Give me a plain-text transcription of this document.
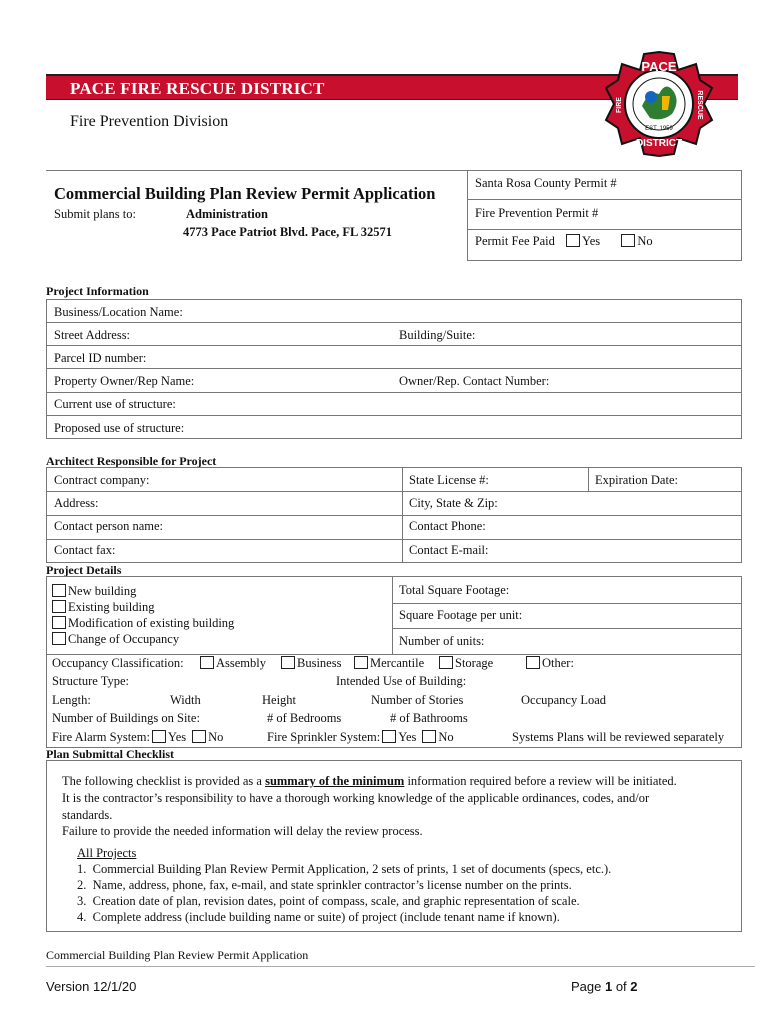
PACE FIRE RESCUE DISTRICT
Fire Prevention Division
PACE
DISTRICT
EST. 1959
FIRE	RESCUE
Commercial Building Plan Review Permit Application
Submit plans to:	Administration
4773 Pace Patriot Blvd. Pace, FL 32571
Santa Rosa County Permit #
Fire Prevention Permit #
Permit Fee Paid Yes	No
Project Information
Business/Location Name:
Street Address:	Building/Suite:
Parcel ID number:
Property Owner/Rep Name:	Owner/Rep. Contact Number:
Current use of structure:
Proposed use of structure:
Architect Responsible for Project
Contract company:	State License #:	Expiration Date:
Address:	City, State & Zip:
Contact person name:	Contact Phone:
Contact fax:	Contact E-mail:
Project Details
New building
Existing building
Modification of existing building
Change of Occupancy
Total Square Footage:
Square Footage per unit:
Number of units:
Occupancy Classification:	Assembly	Business	Mercantile	Storage	Other:
Structure Type:	Intended Use of Building:
Length:	Width	Height	Number of Stories	Occupancy Load
Number of Buildings on Site:	# of Bedrooms	# of Bathrooms
Fire Alarm System: Yes No	Fire Sprinkler System: Yes No	Systems Plans will be reviewed separately
Plan Submittal Checklist
The following checklist is provided as a summary of the minimum information required before a review will be initiated.
It is the contractor’s responsibility to have a thorough working knowledge of the applicable ordinances, codes, and/or
standards.
Failure to provide the needed information will delay the review process.
All Projects
1.  Commercial Building Plan Review Permit Application, 2 sets of prints, 1 set of documents (specs, etc.).
2.  Name, address, phone, fax, e-mail, and state sprinkler contractor’s license number on the prints.
3.  Creation date of plan, revision dates, point of compass, scale, and graphic representation of scale.
4.  Complete address (include building name or suite) of project (include tenant name if known).
Commercial Building Plan Review Permit Application
Version 12/1/20	Page 1 of 2
